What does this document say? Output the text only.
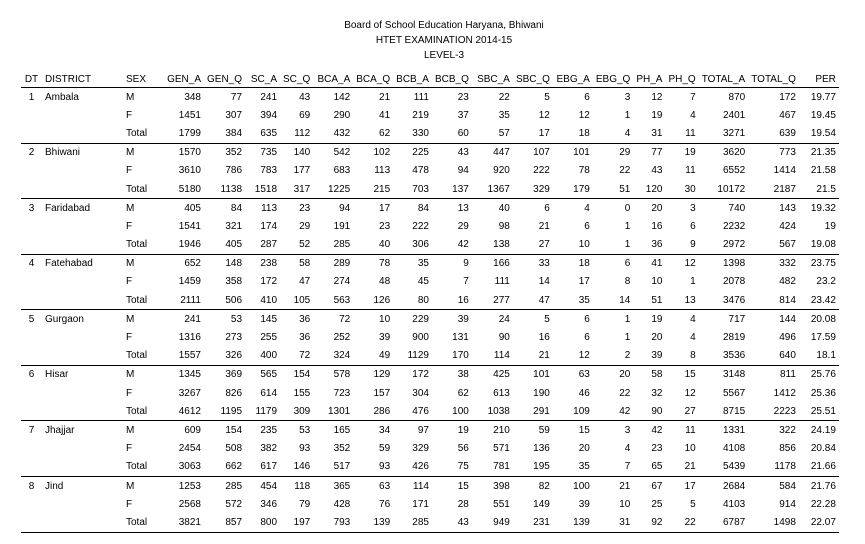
Board of School Education Haryana, Bhiwani
HTET EXAMINATION 2014-15
LEVEL-3
DT	DISTRICT	SEX	GEN_A	GEN_Q	SC_A	SC_Q	BCA_A	BCA_Q	BCB_A	BCB_Q	SBC_A	SBC_Q	EBG_A	EBG_Q	PH_A	PH_Q	TOTAL_A	TOTAL_Q	PER
1	Ambala	M	348	77	241	43	142	21	111	23	22	5	6	3	12	7	870	172	19.77
		F	1451	307	394	69	290	41	219	37	35	12	12	1	19	4	2401	467	19.45
		Total	1799	384	635	112	432	62	330	60	57	17	18	4	31	11	3271	639	19.54
2	Bhiwani	M	1570	352	735	140	542	102	225	43	447	107	101	29	77	19	3620	773	21.35
		F	3610	786	783	177	683	113	478	94	920	222	78	22	43	11	6552	1414	21.58
		Total	5180	1138	1518	317	1225	215	703	137	1367	329	179	51	120	30	10172	2187	21.5
3	Faridabad	M	405	84	113	23	94	17	84	13	40	6	4	0	20	3	740	143	19.32
		F	1541	321	174	29	191	23	222	29	98	21	6	1	16	6	2232	424	19
		Total	1946	405	287	52	285	40	306	42	138	27	10	1	36	9	2972	567	19.08
4	Fatehabad	M	652	148	238	58	289	78	35	9	166	33	18	6	41	12	1398	332	23.75
		F	1459	358	172	47	274	48	45	7	111	14	17	8	10	1	2078	482	23.2
		Total	2111	506	410	105	563	126	80	16	277	47	35	14	51	13	3476	814	23.42
5	Gurgaon	M	241	53	145	36	72	10	229	39	24	5	6	1	19	4	717	144	20.08
		F	1316	273	255	36	252	39	900	131	90	16	6	1	20	4	2819	496	17.59
		Total	1557	326	400	72	324	49	1129	170	114	21	12	2	39	8	3536	640	18.1
6	Hisar	M	1345	369	565	154	578	129	172	38	425	101	63	20	58	15	3148	811	25.76
		F	3267	826	614	155	723	157	304	62	613	190	46	22	32	12	5567	1412	25.36
		Total	4612	1195	1179	309	1301	286	476	100	1038	291	109	42	90	27	8715	2223	25.51
7	Jhajjar	M	609	154	235	53	165	34	97	19	210	59	15	3	42	11	1331	322	24.19
		F	2454	508	382	93	352	59	329	56	571	136	20	4	23	10	4108	856	20.84
		Total	3063	662	617	146	517	93	426	75	781	195	35	7	65	21	5439	1178	21.66
8	Jind	M	1253	285	454	118	365	63	114	15	398	82	100	21	67	17	2684	584	21.76
		F	2568	572	346	79	428	76	171	28	551	149	39	10	25	5	4103	914	22.28
		Total	3821	857	800	197	793	139	285	43	949	231	139	31	92	22	6787	1498	22.07
